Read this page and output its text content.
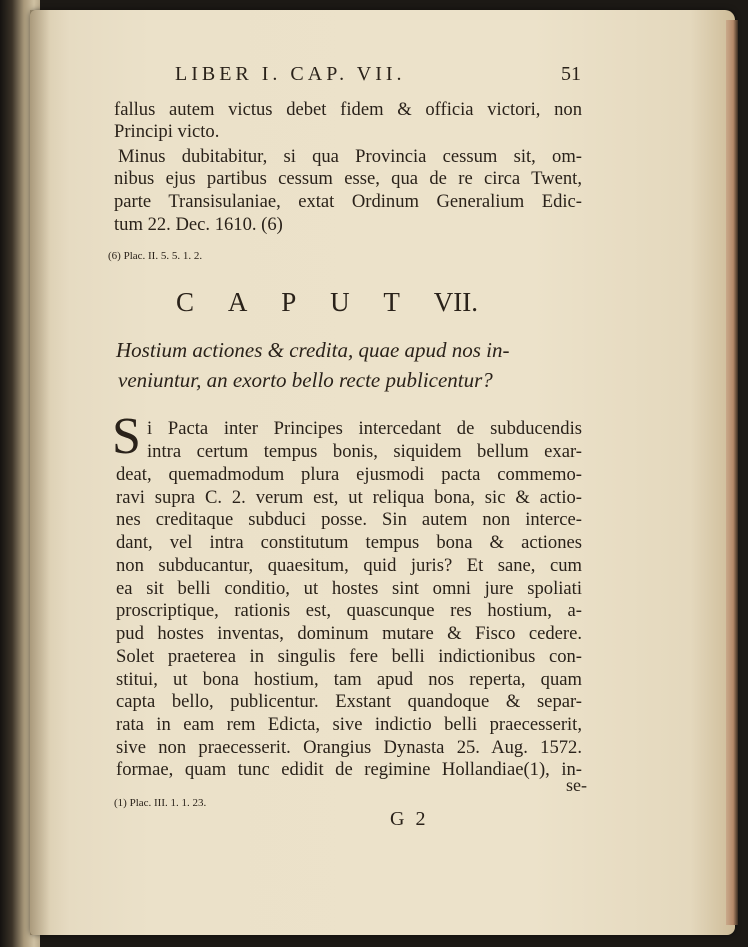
LIBER I. CAP. VII.	51
fallus autem victus debet fidem & officia victori, non
Principi victo.
Minus dubitabitur, si qua Provincia cessum sit, om-
nibus ejus partibus cessum esse, qua de re circa Twent,
parte Transisulaniae, extat Ordinum Generalium Edic-
tum 22. Dec. 1610. (6)
(6) Plac. II. 5. 5. 1. 2.
C A P U T VII.
Hostium actiones & credita, quae apud nos in-
veniuntur, an exorto bello recte publicentur?
S i Pacta inter Principes intercedant de subducendis
intra certum tempus bonis, siquidem bellum exar-
deat, quemadmodum plura ejusmodi pacta commemo-
ravi supra C. 2. verum est, ut reliqua bona, sic & actio-
nes creditaque subduci posse. Sin autem non interce-
dant, vel intra constitutum tempus bona & actiones
non subducantur, quaesitum, quid juris? Et sane, cum
ea sit belli conditio, ut hostes sint omni jure spoliati
proscriptique, rationis est, quascunque res hostium, a-
pud hostes inventas, dominum mutare & Fisco cedere.
Solet praeterea in singulis fere belli indictionibus con-
stitui, ut bona hostium, tam apud nos reperta, quam
capta bello, publicentur. Exstant quandoque & separ-
rata in eam rem Edicta, sive indictio belli praecesserit,
sive non praecesserit. Orangius Dynasta 25. Aug. 1572.
formae, quam tunc edidit de regimine Hollandiae(1), in-
se-
(1) Plac. III. 1. 1. 23.
G 2
